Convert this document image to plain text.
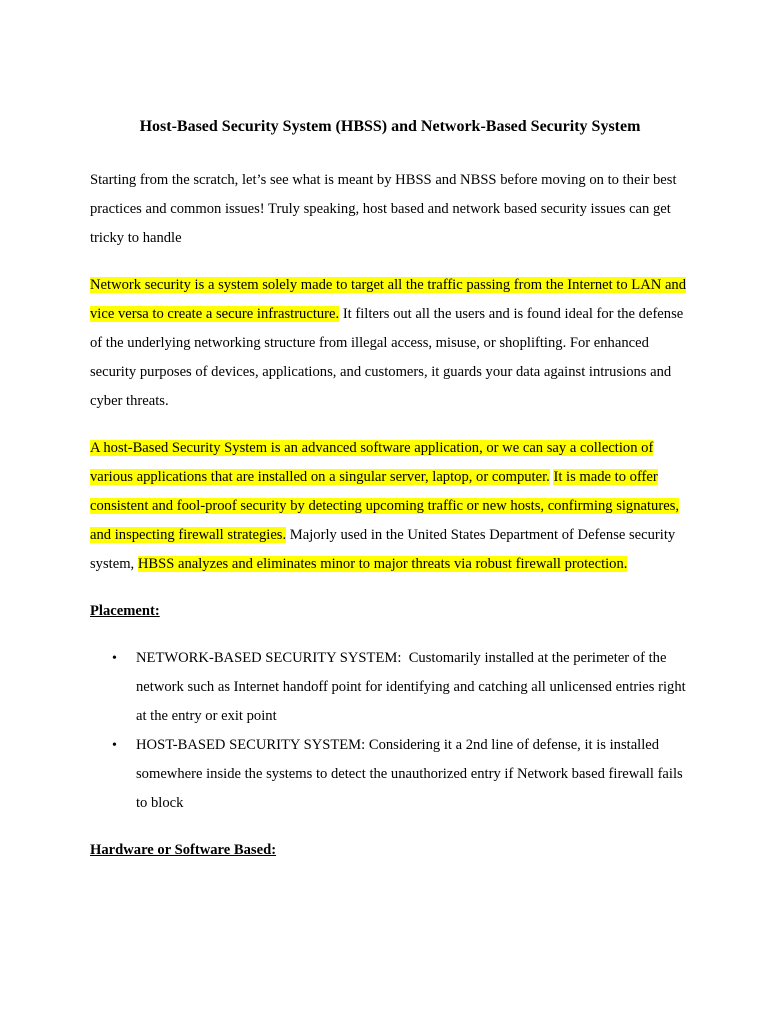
Host-Based Security System (HBSS) and Network-Based Security System

Starting from the scratch, let’s see what is meant by HBSS and NBSS before moving on to their best practices and common issues! Truly speaking, host based and network based security issues can get tricky to handle

Network security is a system solely made to target all the traffic passing from the Internet to LAN and vice versa to create a secure infrastructure. It filters out all the users and is found ideal for the defense of the underlying networking structure from illegal access, misuse, or shoplifting. For enhanced security purposes of devices, applications, and customers, it guards your data against intrusions and cyber threats.

A host-Based Security System is an advanced software application, or we can say a collection of various applications that are installed on a singular server, laptop, or computer. It is made to offer consistent and fool-proof security by detecting upcoming traffic or new hosts, confirming signatures, and inspecting firewall strategies. Majorly used in the United States Department of Defense security system, HBSS analyzes and eliminates minor to major threats via robust firewall protection.

Placement:

• NETWORK-BASED SECURITY SYSTEM:  Customarily installed at the perimeter of the network such as Internet handoff point for identifying and catching all unlicensed entries right at the entry or exit point
• HOST-BASED SECURITY SYSTEM: Considering it a 2nd line of defense, it is installed somewhere inside the systems to detect the unauthorized entry if Network based firewall fails to block

Hardware or Software Based:
